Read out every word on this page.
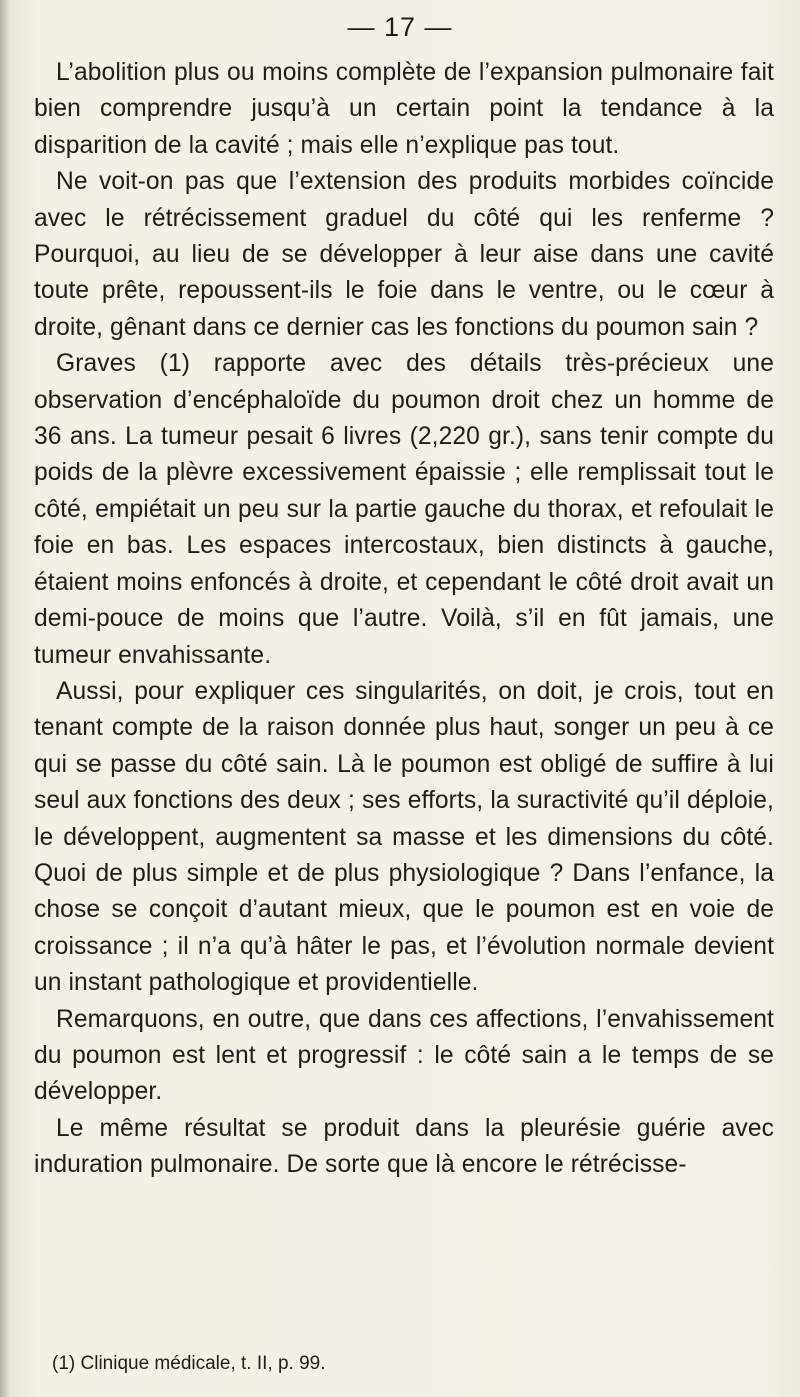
— 17 —

L’abolition plus ou moins complète de l’expansion pulmonaire fait bien comprendre jusqu’à un certain point la tendance à la disparition de la cavité ; mais elle n’explique pas tout.

Ne voit-on pas que l’extension des produits morbides coïncide avec le rétrécissement graduel du côté qui les renferme ? Pourquoi, au lieu de se développer à leur aise dans une cavité toute prête, repoussent-ils le foie dans le ventre, ou le cœur à droite, gênant dans ce dernier cas les fonctions du poumon sain ?

Graves (1) rapporte avec des détails très-précieux une observation d’encéphaloïde du poumon droit chez un homme de 36 ans. La tumeur pesait 6 livres (2,220 gr.), sans tenir compte du poids de la plèvre excessivement épaissie ; elle remplissait tout le côté, empiétait un peu sur la partie gauche du thorax, et refoulait le foie en bas. Les espaces intercostaux, bien distincts à gauche, étaient moins enfoncés à droite, et cependant le côté droit avait un demi-pouce de moins que l’autre. Voilà, s’il en fût jamais, une tumeur envahissante.

Aussi, pour expliquer ces singularités, on doit, je crois, tout en tenant compte de la raison donnée plus haut, songer un peu à ce qui se passe du côté sain. Là le poumon est obligé de suffire à lui seul aux fonctions des deux ; ses efforts, la suractivité qu’il déploie, le développent, augmentent sa masse et les dimensions du côté. Quoi de plus simple et de plus physiologique ? Dans l’enfance, la chose se conçoit d’autant mieux, que le poumon est en voie de croissance ; il n’a qu’à hâter le pas, et l’évolution normale devient un instant pathologique et providentielle.

Remarquons, en outre, que dans ces affections, l’envahissement du poumon est lent et progressif : le côté sain a le temps de se développer.

Le même résultat se produit dans la pleurésie guérie avec induration pulmonaire. De sorte que là encore le rétrécisse-

(1) Clinique médicale, t. II, p. 99.
